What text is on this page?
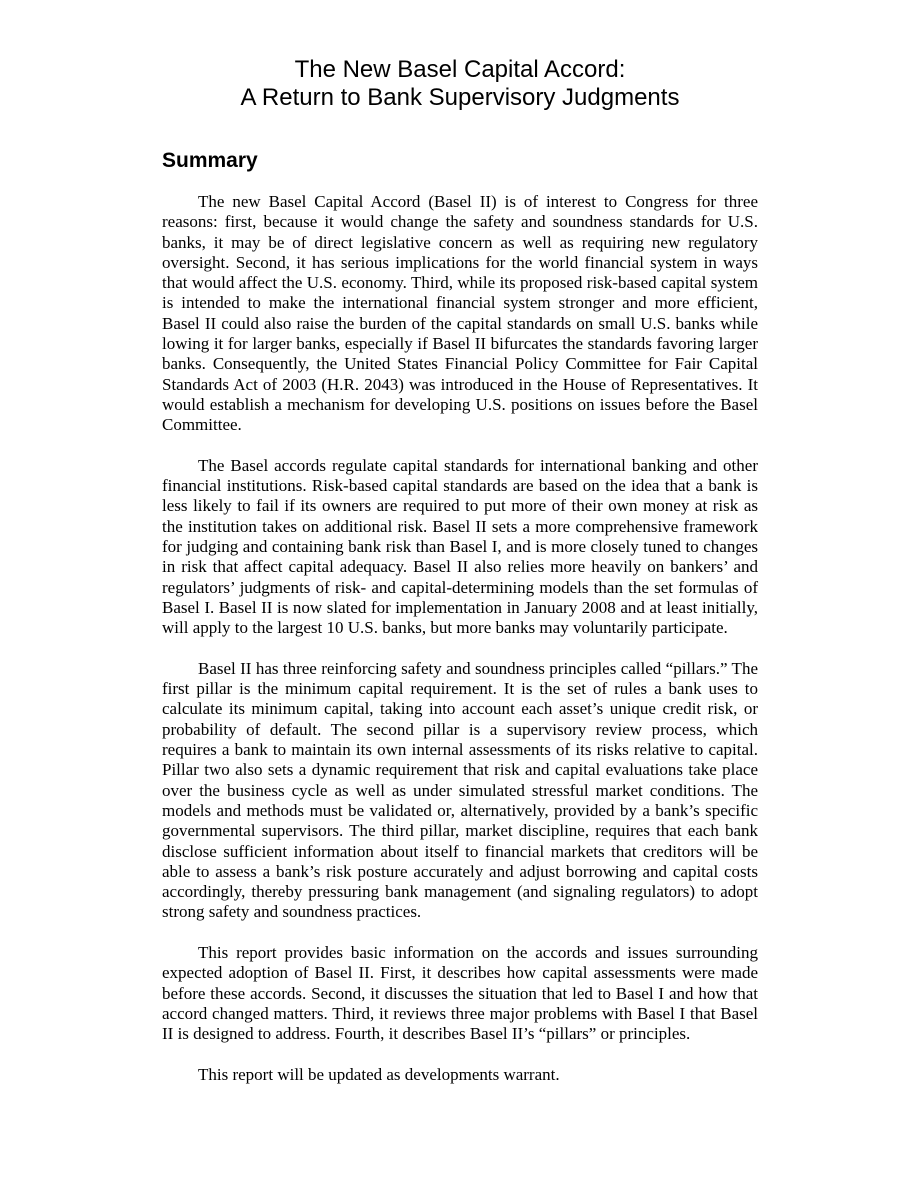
The New Basel Capital Accord:
A Return to Bank Supervisory Judgments
Summary

The new Basel Capital Accord (Basel II) is of interest to Congress for three reasons: first, because it would change the safety and soundness standards for U.S. banks, it may be of direct legislative concern as well as requiring new regulatory oversight. Second, it has serious implications for the world financial system in ways that would affect the U.S. economy. Third, while its proposed risk-based capital system is intended to make the international financial system stronger and more efficient, Basel II could also raise the burden of the capital standards on small U.S. banks while lowing it for larger banks, especially if Basel II bifurcates the standards favoring larger banks. Consequently, the United States Financial Policy Committee for Fair Capital Standards Act of 2003 (H.R. 2043) was introduced in the House of Representatives. It would establish a mechanism for developing U.S. positions on issues before the Basel Committee.

The Basel accords regulate capital standards for international banking and other financial institutions. Risk-based capital standards are based on the idea that a bank is less likely to fail if its owners are required to put more of their own money at risk as the institution takes on additional risk. Basel II sets a more comprehensive framework for judging and containing bank risk than Basel I, and is more closely tuned to changes in risk that affect capital adequacy. Basel II also relies more heavily on bankers’ and regulators’ judgments of risk- and capital-determining models than the set formulas of Basel I. Basel II is now slated for implementation in January 2008 and at least initially, will apply to the largest 10 U.S. banks, but more banks may voluntarily participate.

Basel II has three reinforcing safety and soundness principles called “pillars.” The first pillar is the minimum capital requirement. It is the set of rules a bank uses to calculate its minimum capital, taking into account each asset’s unique credit risk, or probability of default. The second pillar is a supervisory review process, which requires a bank to maintain its own internal assessments of its risks relative to capital. Pillar two also sets a dynamic requirement that risk and capital evaluations take place over the business cycle as well as under simulated stressful market conditions. The models and methods must be validated or, alternatively, provided by a bank’s specific governmental supervisors. The third pillar, market discipline, requires that each bank disclose sufficient information about itself to financial markets that creditors will be able to assess a bank’s risk posture accurately and adjust borrowing and capital costs accordingly, thereby pressuring bank management (and signaling regulators) to adopt strong safety and soundness practices.

This report provides basic information on the accords and issues surrounding expected adoption of Basel II. First, it describes how capital assessments were made before these accords. Second, it discusses the situation that led to Basel I and how that accord changed matters. Third, it reviews three major problems with Basel I that Basel II is designed to address. Fourth, it describes Basel II’s “pillars” or principles.

This report will be updated as developments warrant.
